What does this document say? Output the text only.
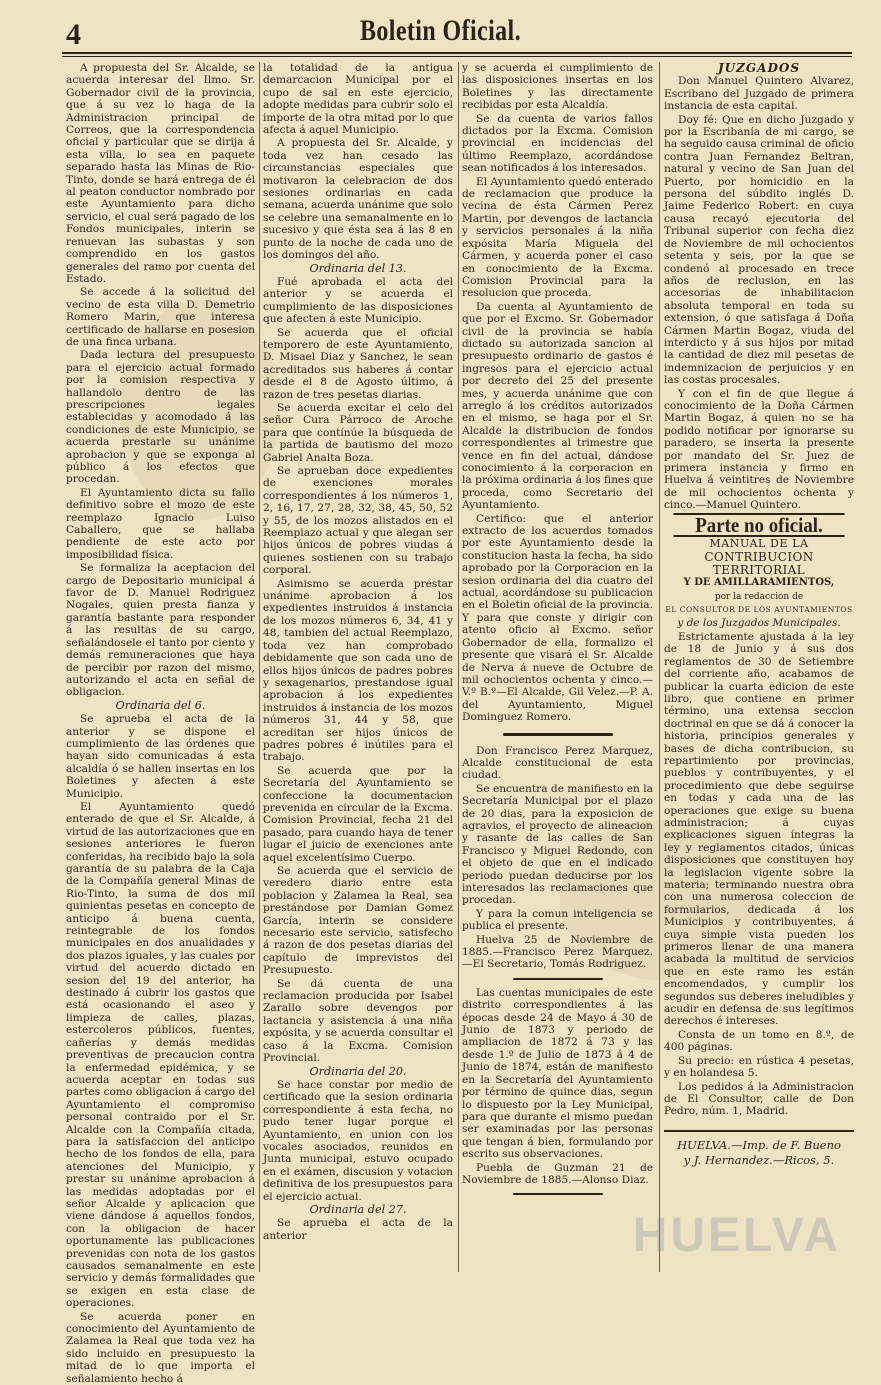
4	Boletin Oficial.

A propuesta del Sr. Alcalde, se acuerda interesar del Ilmo. Sr. Gobernador civil de la provincia, que á su vez lo haga de la Administracion principal de Correos, que la correspondencia oficial y particular que se dirija á esta villa, lo sea en paquete separado hasta las Minas de Rio-Tinto, donde se hará entrega de él al peaton conductor nombrado por este Ayuntamiento para dicho servicio, el cual será pagado de los Fondos municipales, interin se renuevan las subastas y son comprendido en los gastos generales del ramo por cuenta del Estado.

Se accede á la solicitud del vecino de esta villa D. Demetrio Romero Marin, que interesa certificado de hallarse en posesion de una finca urbana.

Dada lectura del presupuesto para el ejercicio actual formado por la comision respectiva y hallandolo dentro de las prescripciones legales establecidas y acomodado á las condiciones de este Municipio, se acuerda prestarle su unánime aprobacion y que se exponga al público á los efectos que procedan.

El Ayuntamiento dicta su fallo definitivo sobre el mozo de este reemplazo Ignacio Luiso Caballero, que se hallaba pendiente de este acto por imposibilidad física.

Se formaliza la aceptacion del cargo de Depositario municipal á favor de D. Manuel Rodriguez Nogales, quien presta fianza y garantía bastante para responder á las resultas de su cargo, señalándosele el tanto por ciento y demás remuneraciones que haya de percibir por razon del mismo, autorizando el acta en señal de obligacion.

Ordinaria del 6.

Se aprueba el acta de la anterior y se dispone el cumplimiento de las órdenes que hayan sido comunicadas á esta alcaldía ó se hallen insertas en los Boletines y afecten á este Municipio.

El Ayuntamiento quedó enterado de que el Sr. Alcalde, á virtud de las autorizaciones que en sesiones anteriores le fueron conferidas, ha recibido bajo la sola garantía de su palabra de la Caja de la Compañía general Minas de Rio-Tinto, la suma de dos mil quinientas pesetas en concepto de anticipo á buena cuenta, reintegrable de los fondos municipales en dos anualidades y dos plazos iguales, y las cuales por virtud del acuerdo dictado en sesion del 19 del anterior, ha destinado á cubrir los gastos que está ocasionando el aseo y limpieza de calles, plazas, estercoleros públicos, fuentes, cañerías y demás medidas preventivas de precaucion contra la enfermedad epidémica, y se acuerda aceptar en todas sus partes como obligacion á cargo del Ayuntamiento el compromiso personal contraido por el Sr. Alcalde con la Compañía citada, para la satisfaccion del anticipo hecho de los fondos de ella, para atenciones del Municipio, y prestar su unánime aprobacion á las medidas adoptadas por el señor Alcalde y aplicacion que viene dándose á aquellos fondos, con la obligacion de hacer oportunamente las publicaciones prevenidas con nota de los gastos causados semanalmente en este servicio y demás formalidades que se exigen en esta clase de operaciones.

Se acuerda poner en conocimiento del Ayuntamiento de Zalamea la Real que toda vez ha sido incluido en presupuesto la mitad de lo que importa el señalamiento hecho á

la totalidad de la antigua demarcacion Municipal por el cupo de sal en este ejercicio, adopte medidas para cubrir solo el importe de la otra mitad por lo que afecta á aquel Municipio.

A propuesta del Sr. Alcalde, y toda vez han cesado las circunstancias especiales que motivaron la celebracion de dos sesiones ordinarias en cada semana, acuerda unánime que solo se celebre una semanalmente en lo sucesivo y que ésta sea á las 8 en punto de la noche de cada uno de los domingos del año.

Ordinaria del 13.

Fué aprobada el acta del anterior y se acuerda el cumplimiento de las disposiciones que afecten á este Municipio.

Se acuerda que el oficial temporero de este Ayuntamiento, D. Misael Diaz y Sanchez, le sean acreditados sus haberes á contar desde el 8 de Agosto último, á razon de tres pesetas diarias.

Se acuerda excitar el celo del señor Cura Párroco de Aroche para que contínúe la búsqueda de la partida de bautismo del mozo Gabriel Analta Boza.

Se aprueban doce expedientes de exenciones morales correspondientes á los números 1, 2, 16, 17, 27, 28, 32, 38, 45, 50, 52 y 55, de los mozos alistados en el Reemplazo actual y que alegan ser hijos únicos de pobres viudas á quienes sostienen con su trabajo corporal.

Asimismo se acuerda prestar unánime aprobacion á los expedientes instruidos á instancia de los mozos números 6, 34, 41 y 48, tambien del actual Reemplazo, toda vez han comprobado debidamente que son cada uno de ellos hijos únicos de padres pobres y sexagenarios, prestandose igual aprobacion á los expedientes instruidos á instancia de los mozos números 31, 44 y 58, que acreditan ser hijos únicos de padres pobres é inútiles para el trabajo.

Se acuerda que por la Secretaría del Ayuntamiento se confeccione la documentacion prevenida en circular de la Excma. Comision Provincial, fecha 21 del pasado, para cuando haya de tener lugar el juicio de exenciones ante aquel excelentísimo Cuerpo.

Se acuerda que el servicio de veredero diario entre esta poblacion y Zalamea la Real, sea prestándose por Damian Gomez García, interin se considere necesario este servicio, satisfecho á razon de dos pesetas diarias del capítulo de imprevistos del Presupuesto.

Se dá cuenta de una reclamacion producida por Isabel Zarallo sobre devengos por lactancia y asistencia á una niña expósita, y se acuerda consultar el caso á la Excma. Comision Provincial.

Ordinaria del 20.

Se hace constar por medio de certificado que la sesion ordinaria correspondiente á esta fecha, no pudo tener lugar porque el Ayuntamiento, en union con los vocales asociados, reunidos en Junta municipal, estuvo ocupado en el exámen, discusion y votacion definitiva de los presupuestos para el ejercicio actual.

Ordinaria del 27.

Se aprueba el acta de la anterior

y se acuerda el cumplimiento de las disposiciones insertas en los Boletines y las directamente recibidas por esta Alcaldía.

Se da cuenta de varios fallos dictados por la Excma. Comision provincial en incidencias del último Reemplazo, acordándose sean notificados á los interesados.

El Ayuntamiento quedó enterado de reclamacion que produce la vecina de ésta Cármen Perez Martin, por devengos de lactancia y servicios personales á la niña expósita María Miguela del Cármen, y acuerda poner el caso en conocimiento de la Excma. Comision Provincial para la resolucion que proceda.

Da cuenta al Ayuntamiento de que por el Excmo. Sr. Gobernador civil de la provincia se había dictado su autorizada sancion al presupuesto ordinario de gastos é ingresos para el ejercicio actual por decreto del 25 del presente mes, y acuerda unánime que con arreglo á los créditos autorizados en el mismo, se haga por el Sr. Alcalde la distribucion de fondos correspondientes al trimestre que vence en fin del actual, dándose conocimiento á la corporacion en la próxima ordinaria á los fines que proceda, como Secretario del Ayuntamiento.

Certifico: que el anterior extracto de los acuerdos tomados por este Ayuntamiento desde la constitucion hasta la fecha, ha sido aprobado por la Corporacion en la sesion ordinaria del dia cuatro del actual, acordándose su publicacion en el Boletin oficial de la provincia. Y para que conste y dirigir con atento oficio al Excmo. señor Gobernador de ella, formalizo el presente que visará el Sr. Alcalde de Nerva á nueve de Octubre de mil ochocientos ochenta y cinco.—V.º B.º—El Alcalde, Gil Velez.—P. A. del Ayuntamiento, Miguel Dominguez Romero.

Don Francisco Perez Marquez, Alcalde constitucional de esta ciudad.

Se encuentra de manifiesto en la Secretaría Municipal por el plazo de 20 dias, para la exposicion de agravios, el proyecto de alineacion y rasante de las calles de San Francisco y Miguel Redondo, con el objeto de que en el indicado periodo puedan deducirse por los interesados las reclamaciones que procedan.

Y para la comun inteligencia se publica el presente.

Huelva 25 de Noviembre de 1885.—Francisco Perez Marquez.—El Secretario, Tomás Rodriguez.

Las cuentas municipales de este distrito correspondientes á las épocas desde 24 de Mayo á 30 de Junio de 1873 y periodo de ampliacion de 1872 á 73 y las desde 1.º de Julio de 1873 á 4 de Junio de 1874, están de manifiesto en la Secretaría del Ayuntamiento por término de quince dias, segun lo dispuesto por la Ley Municipal, para que durante el mismo puedan ser examinadas por las personas que tengan á bien, formulando por escrito sus observaciones.

Puebla de Guzman 21 de Noviembre de 1885.—Alonso Diaz.

JUZGADOS

Don Manuel Quintero Alvarez, Escribano del Juzgado de primera instancia de esta capital.

Doy fé: Que en dicho Juzgado y por la Escribanía de mi cargo, se ha seguido causa criminal de oficio contra Juan Fernandez Beltran, natural y vecino de San Juan del Puerto, por homicidio en la persona del súbdito inglés D. Jaime Federico Robert: en cuya causa recayó ejecutoria del Tribunal superior con fecha diez de Noviembre de mil ochocientos setenta y seis, por la que se condenó al procesado en trece años de reclusion, en las accesorias de inhabilitacion absoluta temporal en toda su extension, ó que satisfaga á Doña Cármen Martin Bogaz, viuda del interdicto y á sus hijos por mitad la cantidad de diez mil pesetas de indemnizacion de perjuicios y en las costas procesales.

Y con el fin de que llegue á conocimiento de la Doña Cármen Martin Bogaz, á quien no se ha podido notificar por ignorarse su paradero, se inserta la presente por mandato del Sr. Juez de primera instancia y firmo en Huelva á veintitres de Noviembre de mil ochocientos ochenta y cinco.—Manuel Quintero.

Parte no oficial.

MANUAL DE LA

CONTRIBUCION TERRITORIAL

Y DE AMILLARAMIENTOS,

por la redaccion de

EL CONSULTOR DE LOS AYUNTAMIENTOS

y de los Juzgados Municipales.

Estrictamente ajustada á la ley de 18 de Junio y á sus dos reglamentos de 30 de Setiembre del corriente año, acabamos de publicar la cuarta edicion de este libro, que contiene en primer término, una extensa seccion doctrinal en que se dá á conocer la historia, principios generales y bases de dicha contribucion, su repartimiento por provincias, pueblos y contribuyentes, y el procedimiento que debe seguirse en todas y cada una de las operaciones que exige su buena administracion; á cuyas explicaciones siguen íntegras la ley y reglamentos citados, únicas disposiciones que constituyen hoy la legislacion vigente sobre la materia; terminando nuestra obra con una numerosa coleccion de formularios, dedicada á los Municipios y contribuyentes, á cuya simple vista pueden los primeros llenar de una manera acabada la multitud de servicios que en este ramo les están encomendados, y cumplir los segundos sus deberes ineludibles y acudir en defensa de sus legítimos derechos é intereses.

Consta de un tomo en 8.º, de 400 páginas.

Su precio: en rústica 4 pesetas, y en holandesa 5.

Los pedidos á la Administracion de El Consultor, calle de Don Pedro, núm. 1, Madrid.

HUELVA.—Imp. de F. Bueno
y J. Hernandez.—Ricos, 5.
HUELVA
